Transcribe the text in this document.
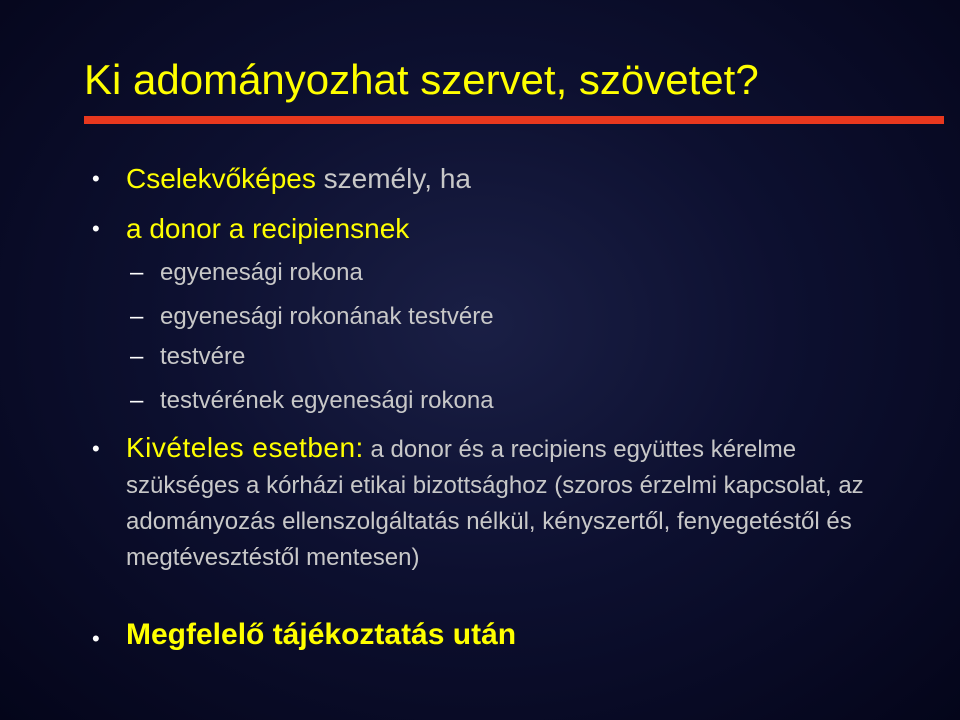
Ki adományozhat szervet, szövetet?
• Cselekvőképes személy, ha
• a donor a recipiensnek
– egyenesági rokona
– egyenesági rokonának testvére
– testvére
– testvérének egyenesági rokona
• Kivételes esetben: a donor és a recipiens együttes kérelme szükséges a kórházi etikai bizottsághoz (szoros érzelmi kapcsolat, az adományozás ellenszolgáltatás nélkül, kényszertől, fenyegetéstől és megtévesztéstől mentesen)
• Megfelelő tájékoztatás után
